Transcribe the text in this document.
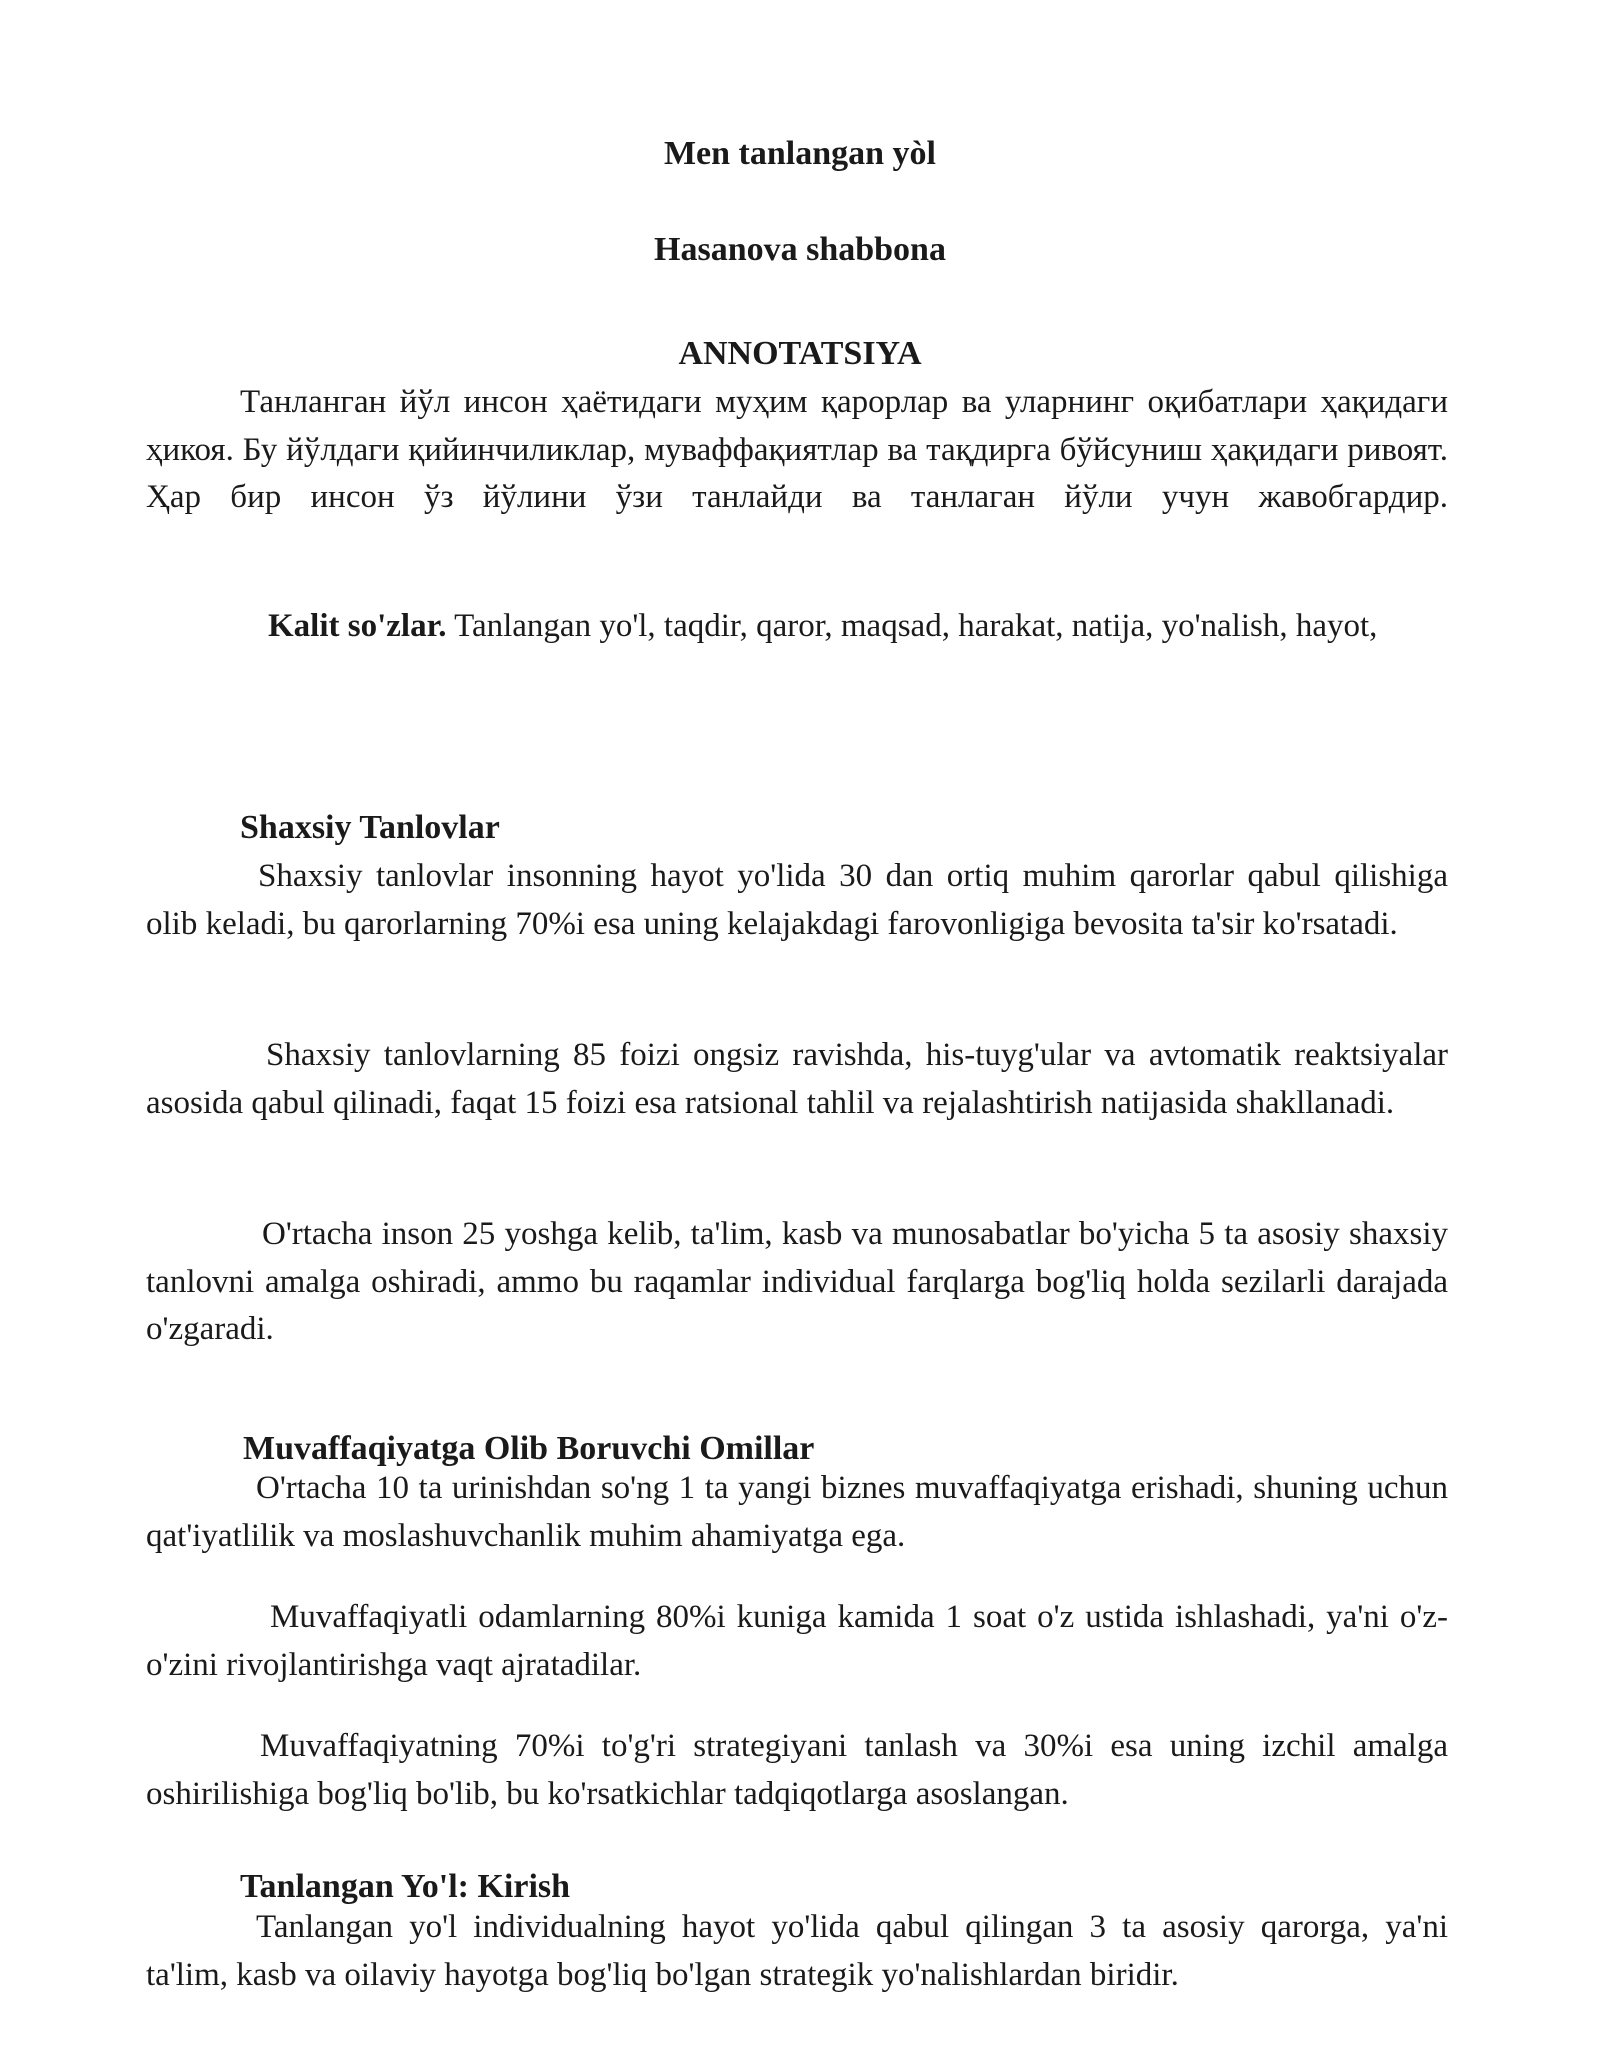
Men tanlangan yòl
Hasanova shabbona
ANNOTATSIYA

Танланган йўл инсон ҳаётидаги муҳим қарорлар ва уларнинг оқибатлари ҳақидаги ҳикоя. Бу йўлдаги қийинчиликлар, муваффақиятлар ва тақдирга бўйсуниш ҳақидаги ривоят. Ҳар бир инсон ўз йўлини ўзи танлайди ва танлаган йўли учун жавобгардир.

Kalit so'zlar. Tanlangan yo'l, taqdir, qaror, maqsad, harakat, natija, yo'nalish, hayot,

Shaxsiy Tanlovlar

Shaxsiy tanlovlar insonning hayot yo'lida 30 dan ortiq muhim qarorlar qabul qilishiga olib keladi, bu qarorlarning 70%i esa uning kelajakdagi farovonligiga bevosita ta'sir ko'rsatadi.

Shaxsiy tanlovlarning 85 foizi ongsiz ravishda, his-tuyg'ular va avtomatik reaktsiyalar asosida qabul qilinadi, faqat 15 foizi esa ratsional tahlil va rejalashtirish natijasida shakllanadi.

O'rtacha inson 25 yoshga kelib, ta'lim, kasb va munosabatlar bo'yicha 5 ta asosiy shaxsiy tanlovni amalga oshiradi, ammo bu raqamlar individual farqlarga bog'liq holda sezilarli darajada o'zgaradi.

Muvaffaqiyatga Olib Boruvchi Omillar

O'rtacha 10 ta urinishdan so'ng 1 ta yangi biznes muvaffaqiyatga erishadi, shuning uchun qat'iyatlilik va moslashuvchanlik muhim ahamiyatga ega.

Muvaffaqiyatli odamlarning 80%i kuniga kamida 1 soat o'z ustida ishlashadi, ya'ni o'z-o'zini rivojlantirishga vaqt ajratadilar.

Muvaffaqiyatning 70%i to'g'ri strategiyani tanlash va 30%i esa uning izchil amalga oshirilishiga bog'liq bo'lib, bu ko'rsatkichlar tadqiqotlarga asoslangan.

Tanlangan Yo'l: Kirish

Tanlangan yo'l individualning hayot yo'lida qabul qilingan 3 ta asosiy qarorga, ya'ni ta'lim, kasb va oilaviy hayotga bog'liq bo'lgan strategik yo'nalishlardan biridir.
